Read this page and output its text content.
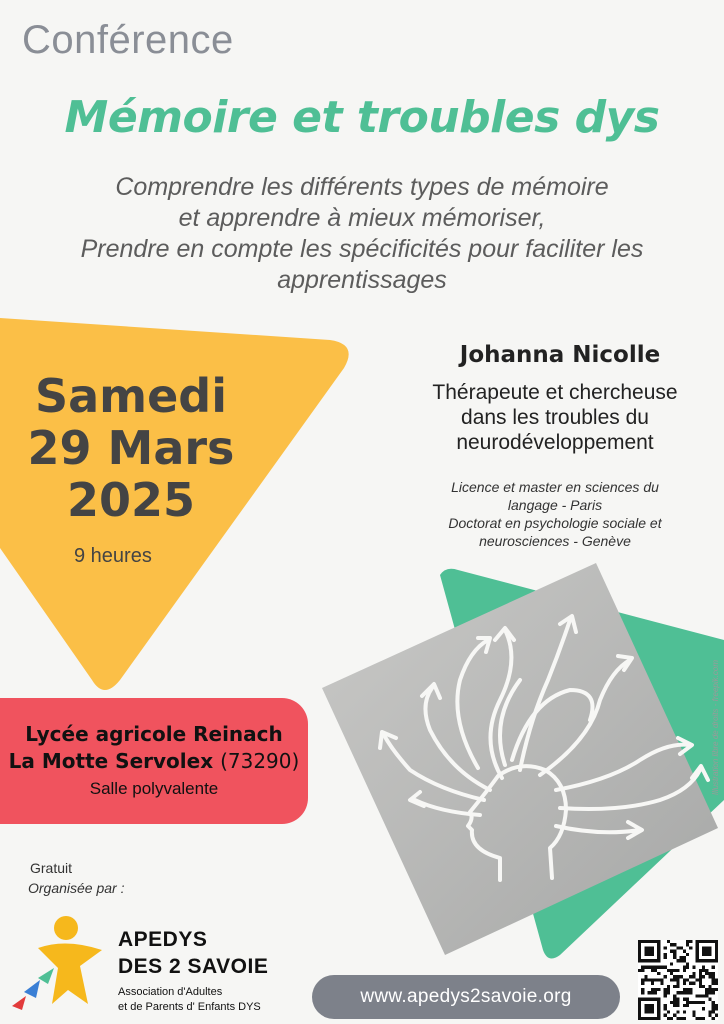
Conférence
Mémoire et troubles dys
Comprendre les différents types de mémoire
et apprendre à mieux mémoriser,
Prendre en compte les spécificités pour faciliter les
apprentissages
Samedi
29 Mars
2025
9 heures
Johanna Nicolle
Thérapeute et chercheuse
dans les troubles du
neurodéveloppement
Licence et master en sciences du
langage - Paris
Doctorat en psychologie sociale et
neurosciences - Genève
Illustration libre de droits - freepik.com
Lycée agricole Reinach
La Motte Servolex (73290)
Salle polyvalente
Gratuit
Organisée par :
APEDYS
DES 2 SAVOIE
Association d'Adultes
et de Parents d' Enfants DYS	www.apedys2savoie.org
